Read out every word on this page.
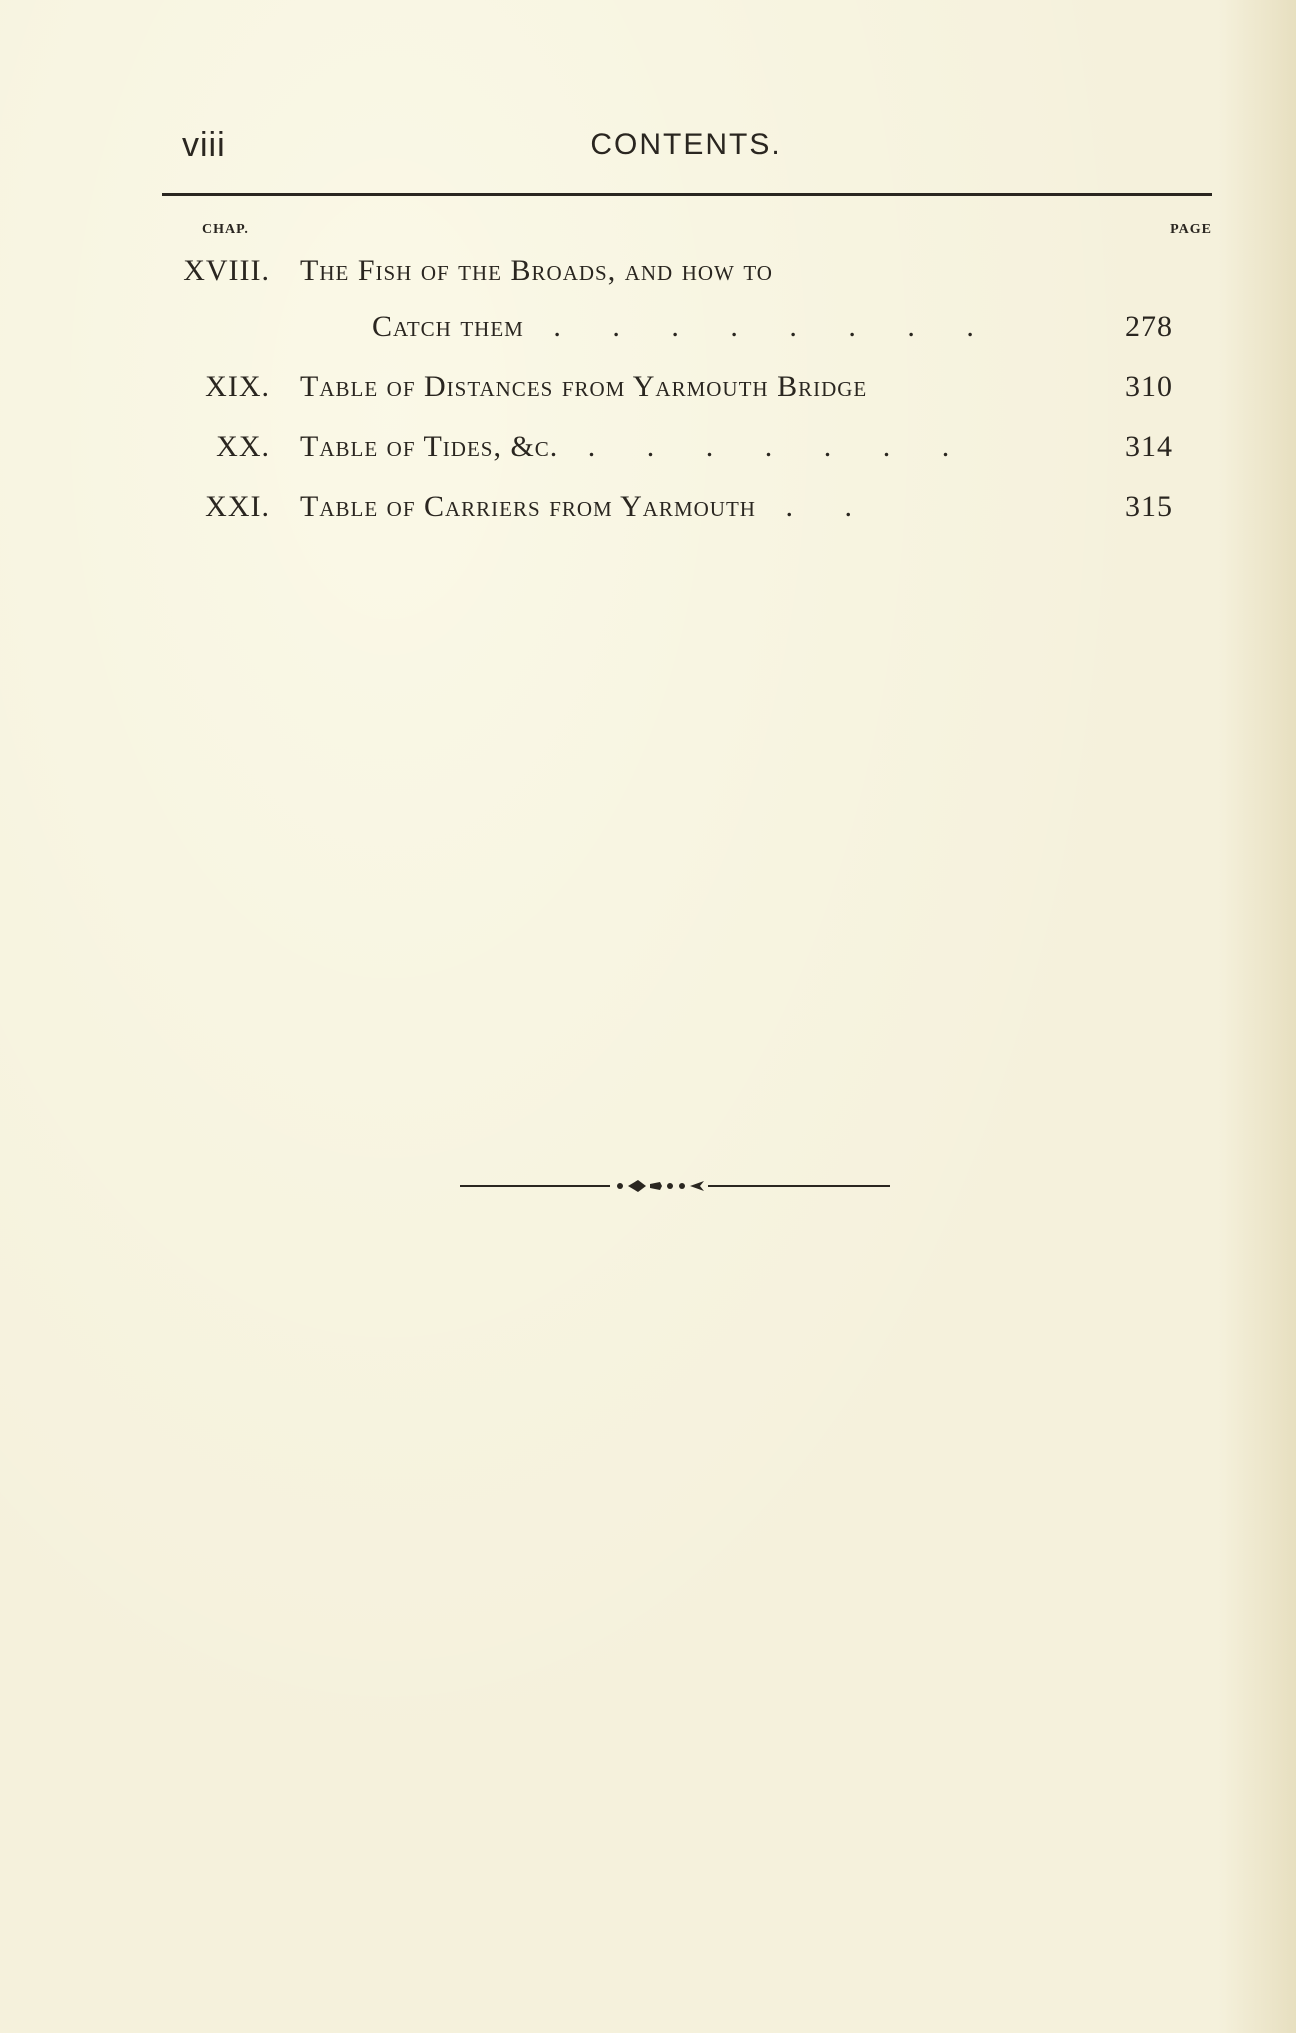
viii	CONTENTS.
CHAP.	PAGE
XVIII. The Fish of the Broads, and how to
Catch them . . . . . . . .	278
XIX. Table of Distances from Yarmouth Bridge	310
XX. Table of Tides, &c. . . . . . . .	314
XXI. Table of Carriers from Yarmouth . .	315
